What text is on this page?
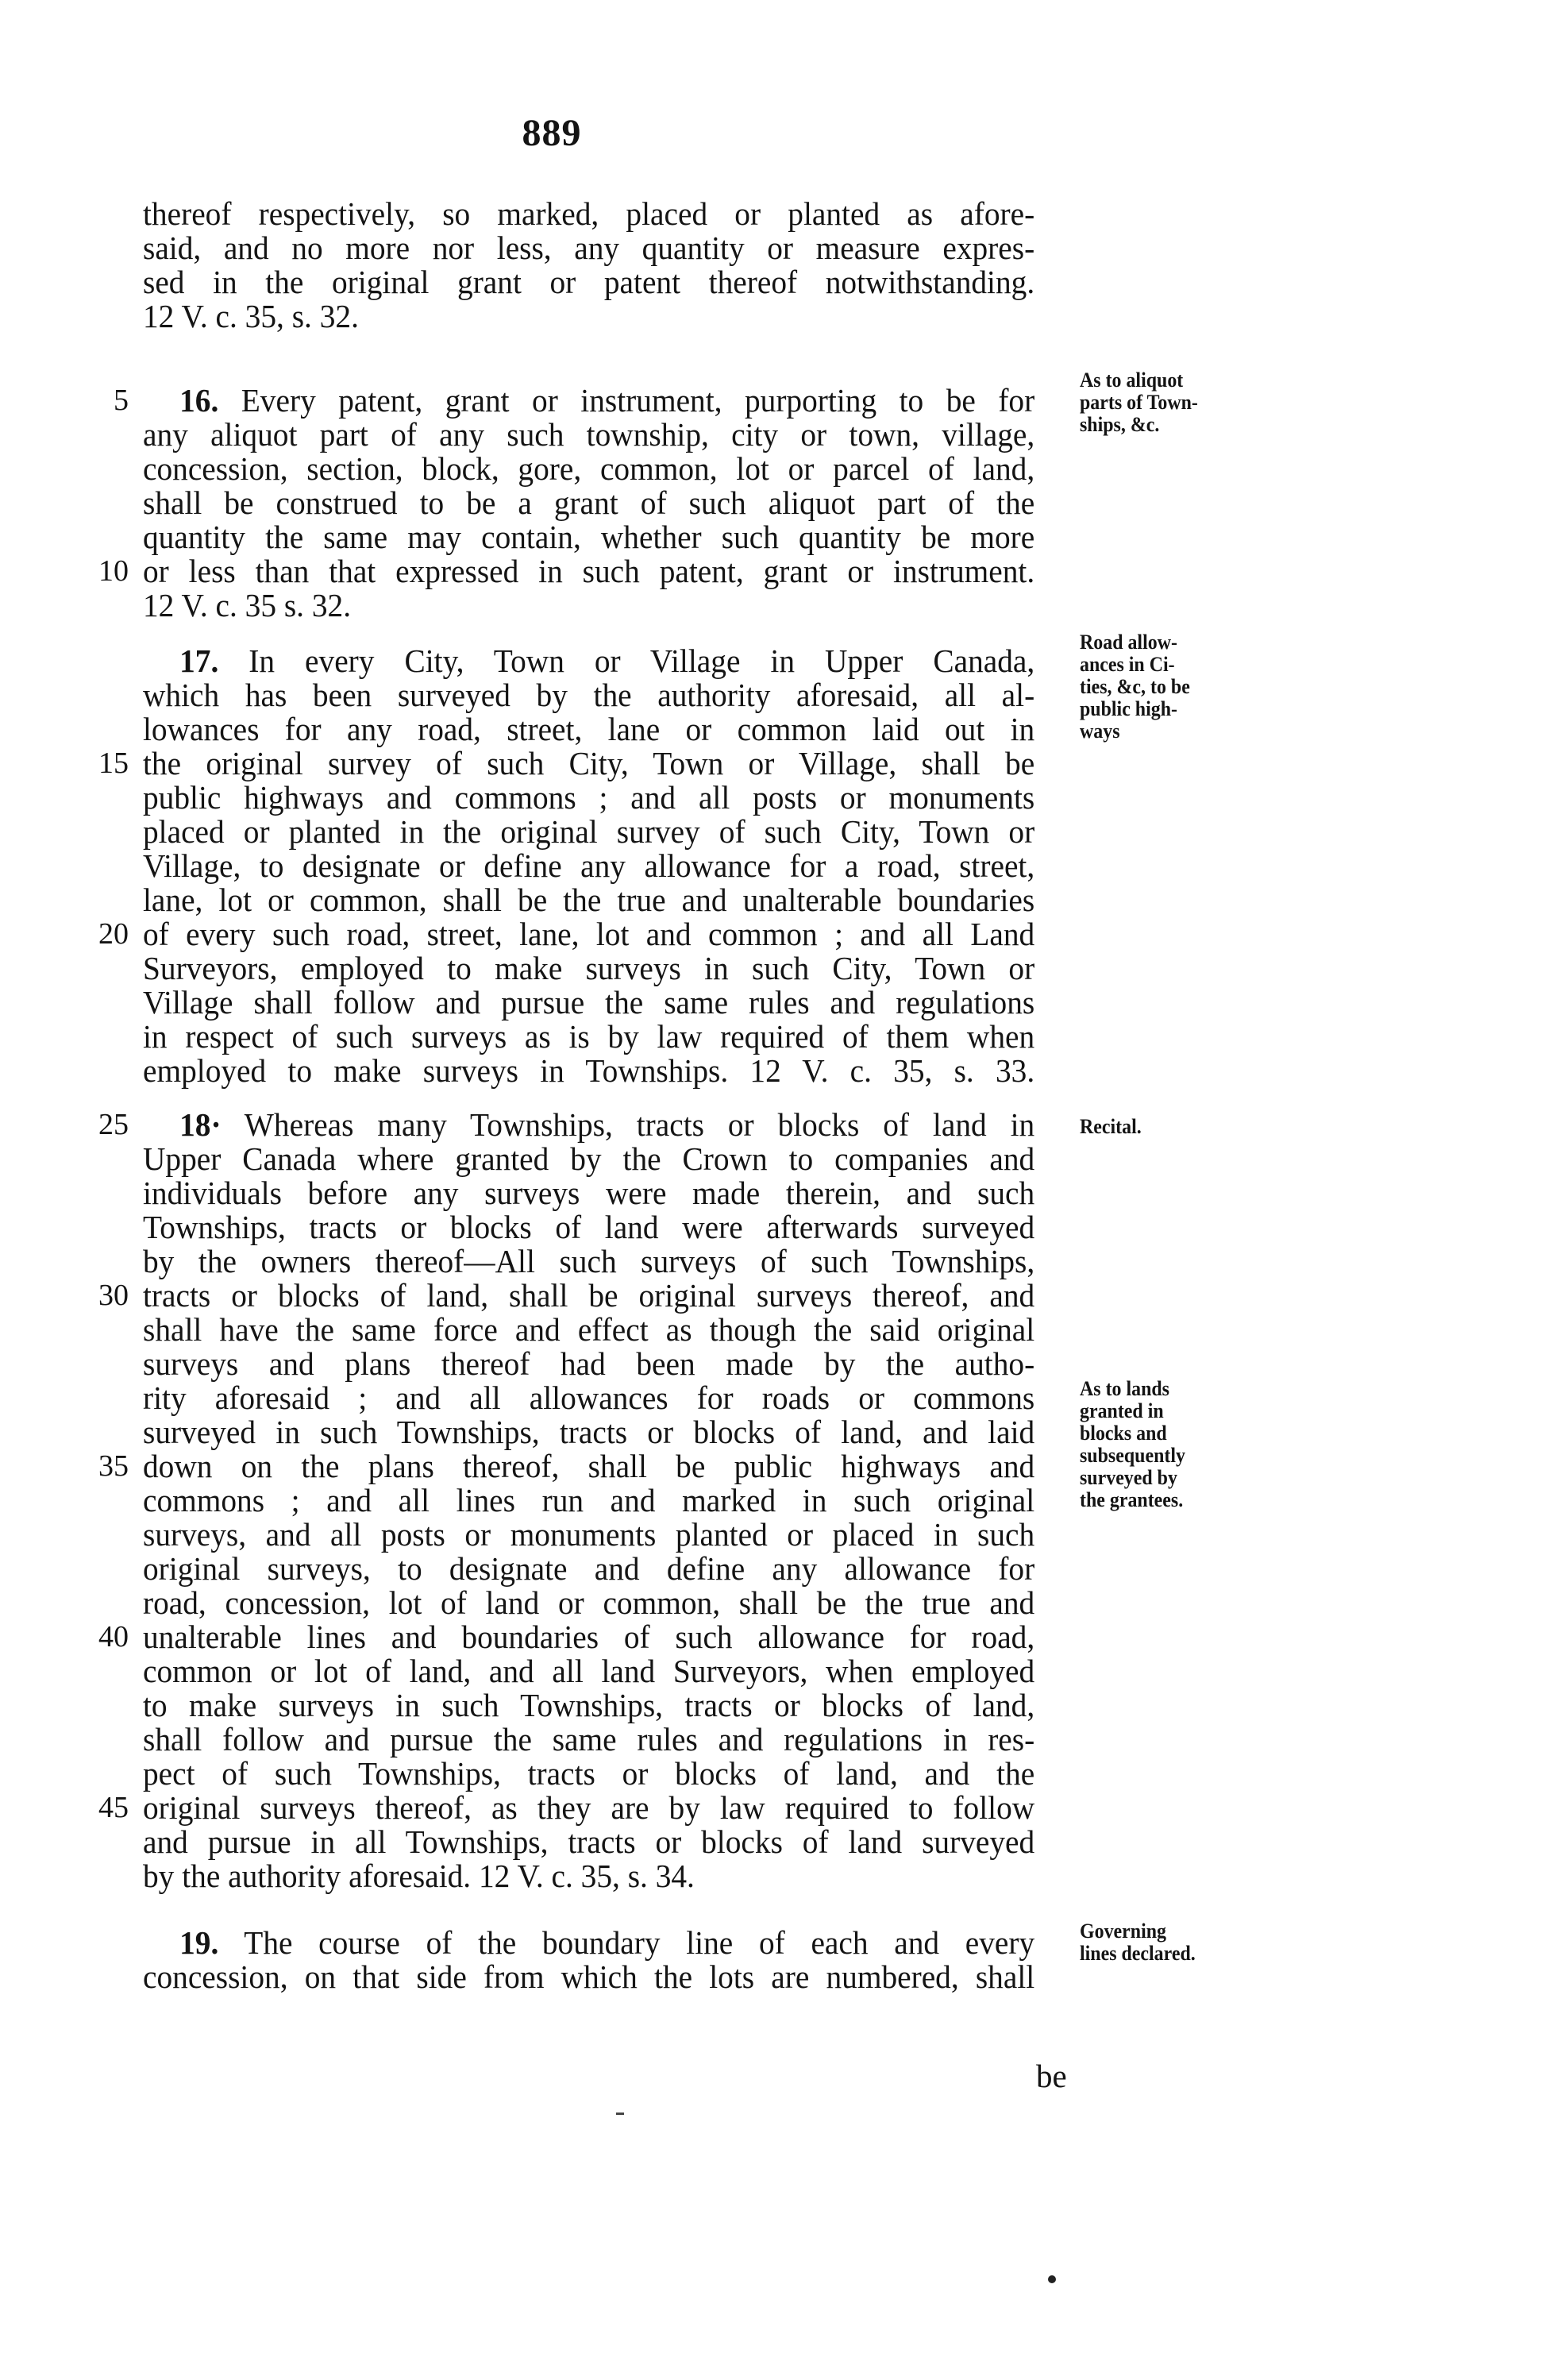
889
thereof respectively, so marked, placed or planted as afore-
said, and no more nor less, any quantity or measure expres-
sed in the original grant or patent thereof notwithstanding.
12 V. c. 35, s. 32.
16. Every patent, grant or instrument, purporting to be for
any aliquot part of any such township, city or town, village,
concession, section, block, gore, common, lot or parcel of land,
shall be construed to be a grant of such aliquot part of the
quantity the same may contain, whether such quantity be more
or less than that expressed in such patent, grant or instrument.
12 V. c. 35 s. 32.
17. In every City, Town or Village in Upper Canada,
which has been surveyed by the authority aforesaid, all al-
lowances for any road, street, lane or common laid out in
the original survey of such City, Town or Village, shall be
public highways and commons ; and all posts or monuments
placed or planted in the original survey of such City, Town or
Village, to designate or define any allowance for a road, street,
lane, lot or common, shall be the true and unalterable boundaries
of every such road, street, lane, lot and common ; and all Land
Surveyors, employed to make surveys in such City, Town or
Village shall follow and pursue the same rules and regulations
in respect of such surveys as is by law required of them when
employed to make surveys in Townships. 12 V. c. 35, s. 33.
18· Whereas many Townships, tracts or blocks of land in
Upper Canada where granted by the Crown to companies and
individuals before any surveys were made therein, and such
Townships, tracts or blocks of land were afterwards surveyed
by the owners thereof—All such surveys of such Townships,
tracts or blocks of land, shall be original surveys thereof, and
shall have the same force and effect as though the said original
surveys and plans thereof had been made by the autho-
rity aforesaid ; and all allowances for roads or commons
surveyed in such Townships, tracts or blocks of land, and laid
down on the plans thereof, shall be public highways and
commons ; and all lines run and marked in such original
surveys, and all posts or monuments planted or placed in such
original surveys, to designate and define any allowance for
road, concession, lot of land or common, shall be the true and
unalterable lines and boundaries of such allowance for road,
common or lot of land, and all land Surveyors, when employed
to make surveys in such Townships, tracts or blocks of land,
shall follow and pursue the same rules and regulations in res-
pect of such Townships, tracts or blocks of land, and the
original surveys thereof, as they are by law required to follow
and pursue in all Townships, tracts or blocks of land surveyed
by the authority aforesaid. 12 V. c. 35, s. 34.
19. The course of the boundary line of each and every
concession, on that side from which the lots are numbered, shall
5
10
15
20
25
30
35
40
45
As to aliquot
parts of Town-
ships, &c.
Road allow-
ances in Ci-
ties, &c, to be
public high-
ways
Recital.
As to lands
granted in
blocks and
subsequently
surveyed by
the grantees.
Governing
lines declared.
be
